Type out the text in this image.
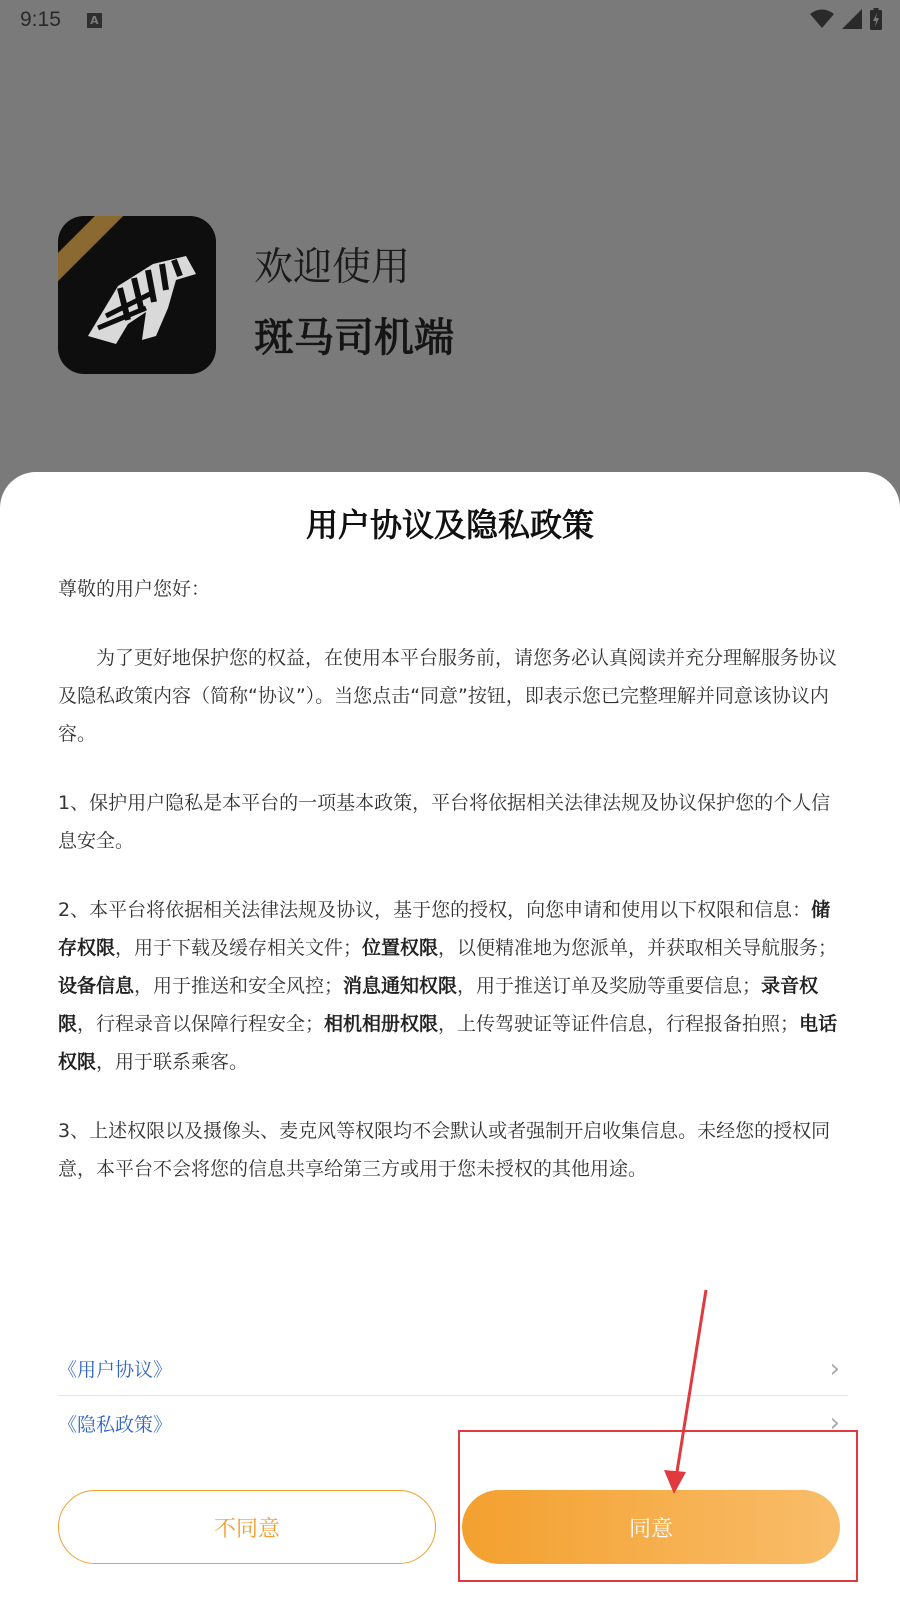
9:15	A
欢迎使用
斑马司机端
用户协议及隐私政策

尊敬的用户您好：

为了更好地保护您的权益，在使用本平台服务前，请您务必认真阅读并充分理解服务协议及隐私政策内容（简称“协议”）。当您点击“同意”按钮，即表示您已完整理解并同意该协议内容。

1、保护用户隐私是本平台的一项基本政策，平台将依据相关法律法规及协议保护您的个人信息安全。

2、本平台将依据相关法律法规及协议，基于您的授权，向您申请和使用以下权限和信息：储存权限，用于下载及缓存相关文件；位置权限，以便精准地为您派单，并获取相关导航服务；设备信息，用于推送和安全风控；消息通知权限，用于推送订单及奖励等重要信息；录音权限，行程录音以保障行程安全；相机相册权限，上传驾驶证等证件信息，行程报备拍照；电话权限，用于联系乘客。

3、上述权限以及摄像头、麦克风等权限均不会默认或者强制开启收集信息。未经您的授权同意，本平台不会将您的信息共享给第三方或用于您未授权的其他用途。

《用户协议》	›
《隐私政策》	›
不同意	同意
